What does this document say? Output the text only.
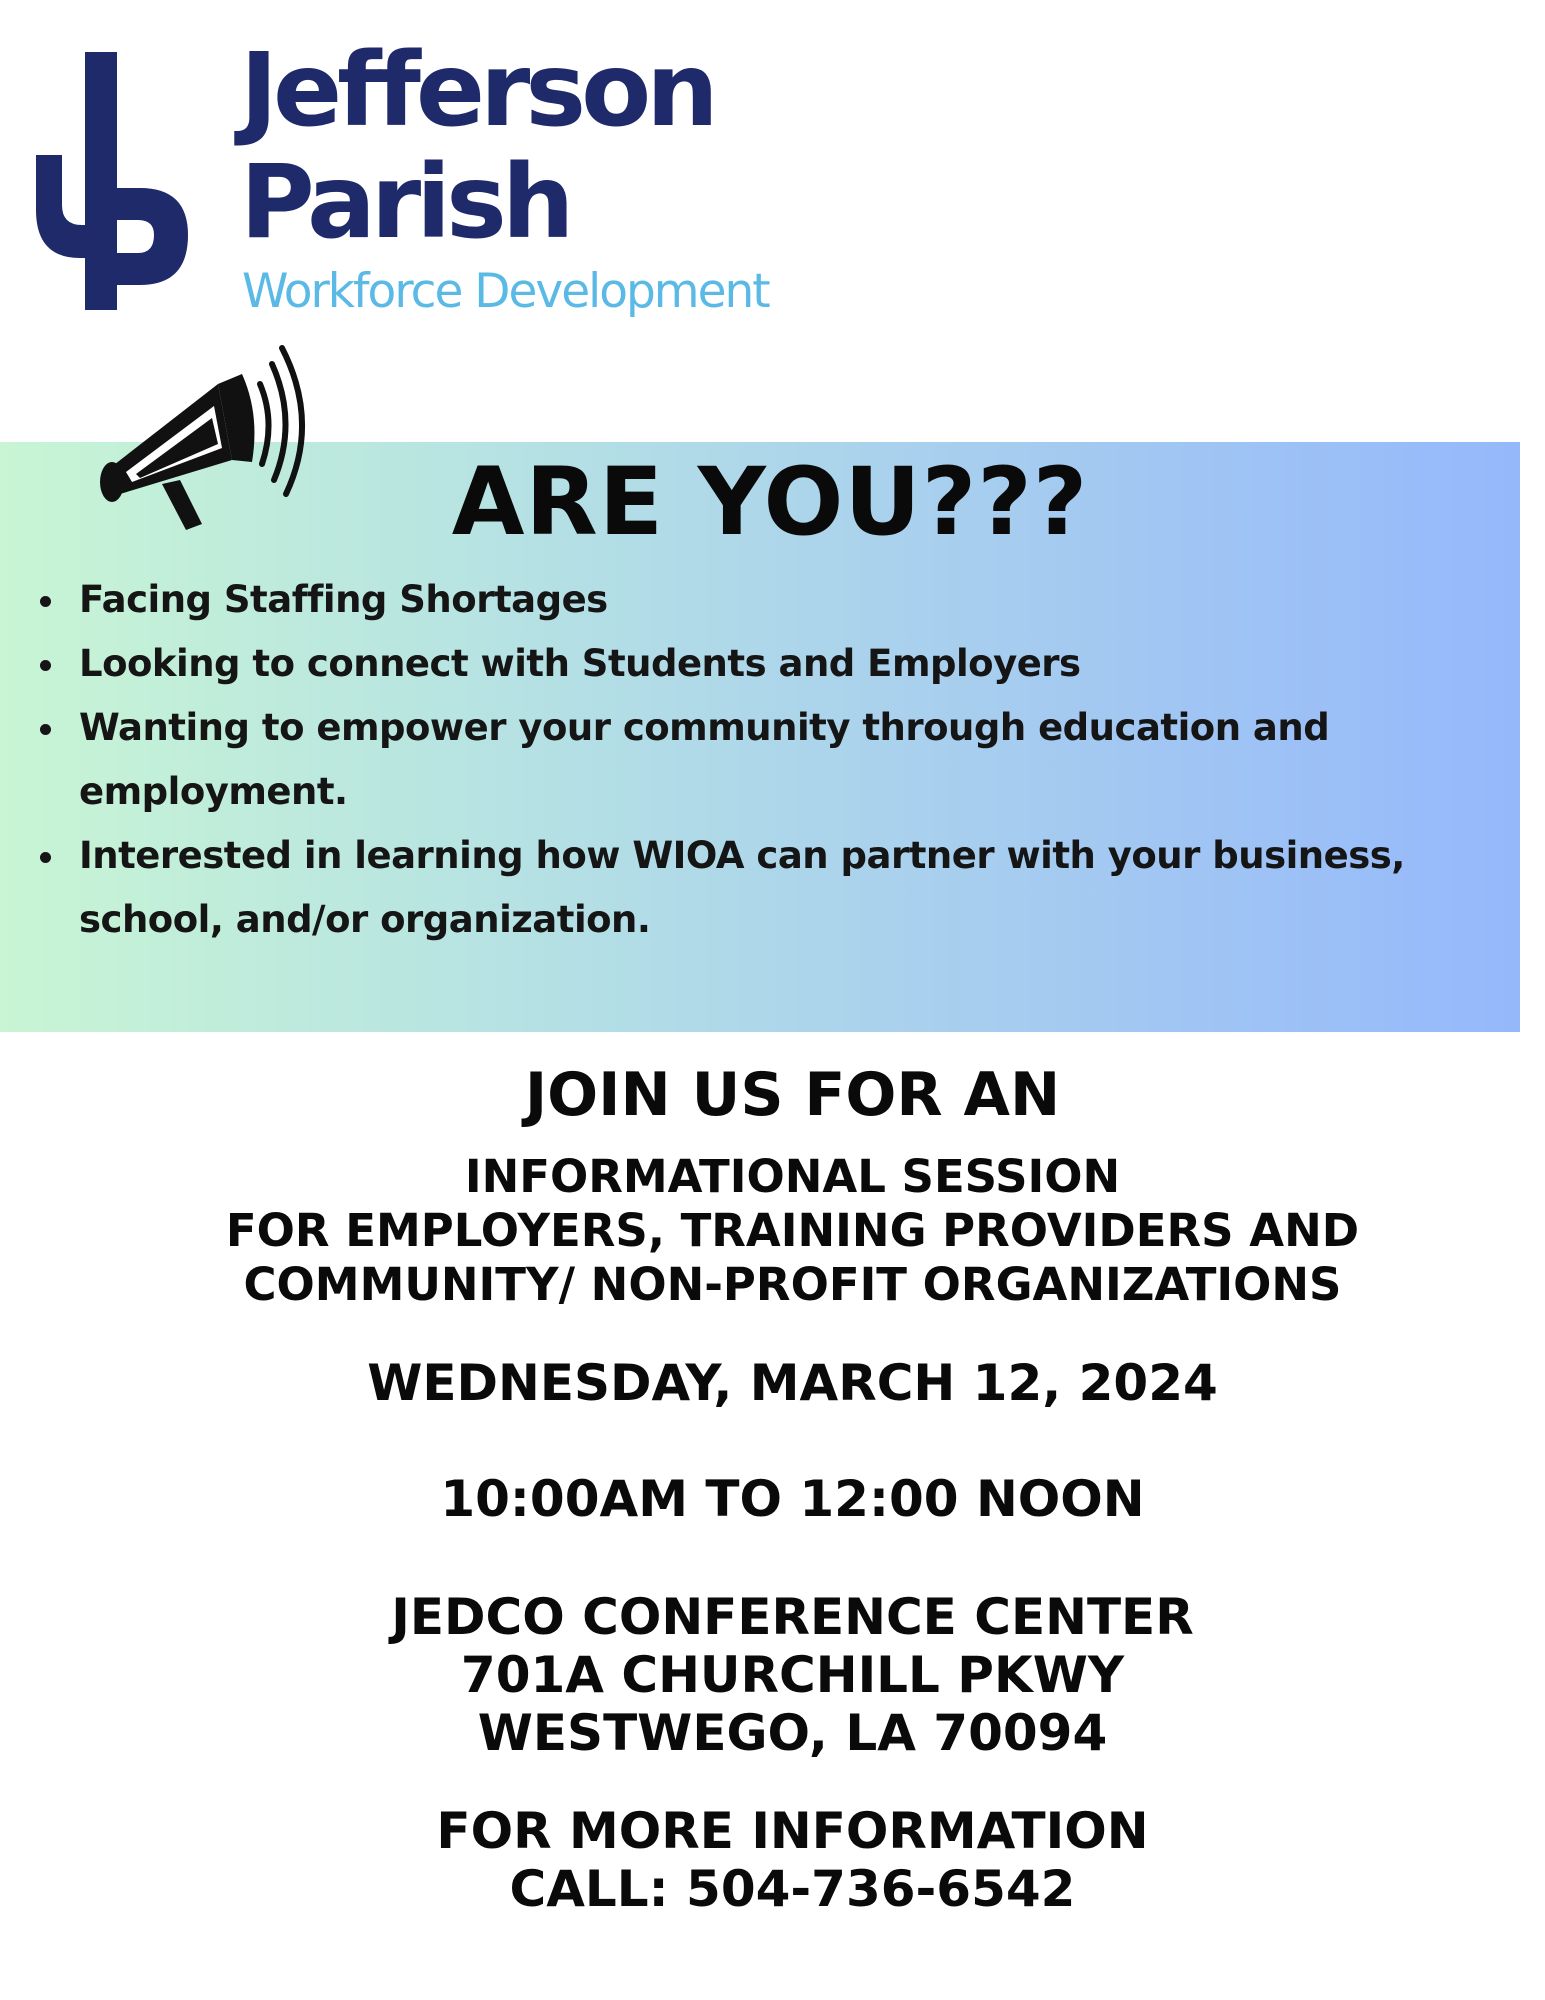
Jefferson

Parish

Workforce Development

ARE YOU???
Facing Staffing Shortages
Looking to connect with Students and Employers
Wanting to empower your community through education and employment.
Interested in learning how WIOA can partner with your business, school, and/or organization.

JOIN US FOR AN

INFORMATIONAL SESSION

FOR EMPLOYERS, TRAINING PROVIDERS AND

COMMUNITY/ NON-PROFIT ORGANIZATIONS

WEDNESDAY, MARCH 12, 2024

10:00AM TO 12:00 NOON

JEDCO CONFERENCE CENTER

701A CHURCHILL PKWY

WESTWEGO, LA 70094

FOR MORE INFORMATION

CALL: 504-736-6542
